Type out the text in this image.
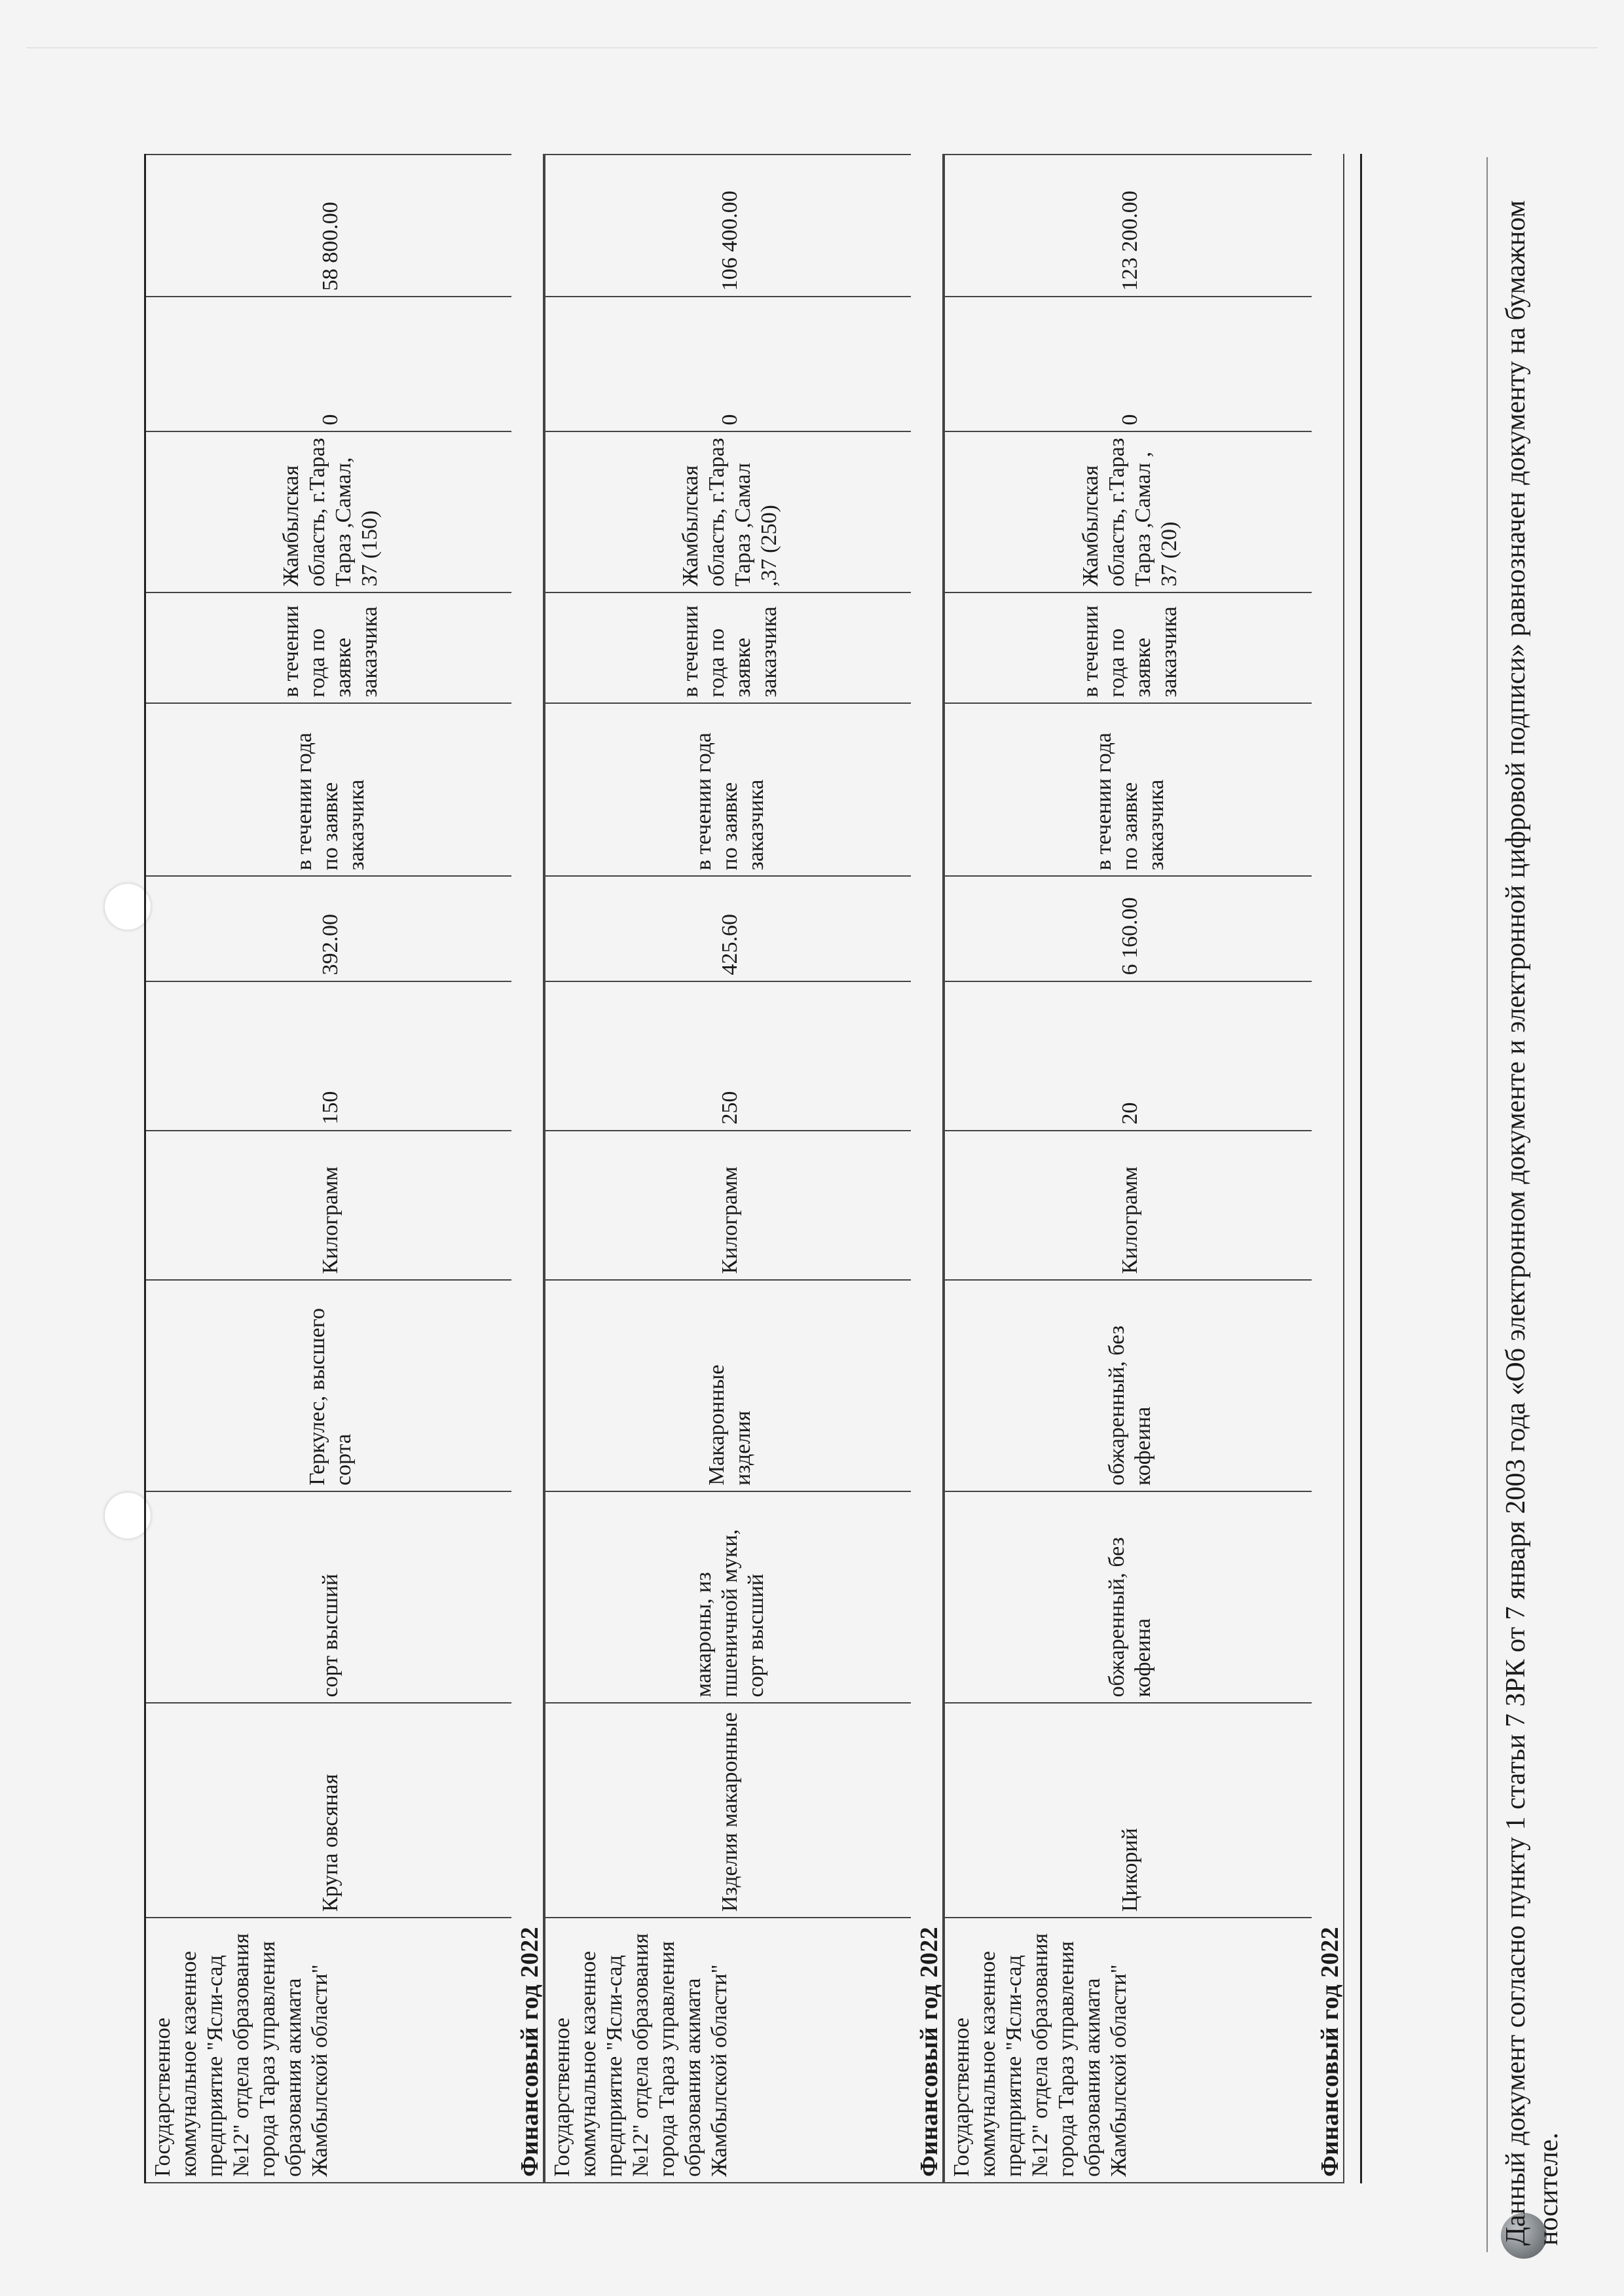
Государственное коммунальное казенное предприятие "Ясли-сад №12" отдела образования города Тараз управления образования акимата Жамбылской области"
Крупа овсяная
сорт высший
Геркулес, высшего сорта
Килограмм
150
392.00
в течении года по заявке заказчика
в течении года по заявке заказчика
Жамбылская область, г.Тараз Тараз ,Самал, 37 (150)
0
58 800.00
Финансовый год 2022 Государственное коммунальное казенное предприятие "Ясли-сад №12" отдела образования города Тараз управления образования акимата Жамбылской области"
Изделия макаронные
макароны, из пшеничной муки, сорт высший
Макаронные изделия
Килограмм
250
425.60
в течении года по заявке заказчика
в течении года по заявке заказчика
Жамбылская область, г.Тараз Тараз ,Самал ,37 (250)
0
106 400.00
Финансовый год 2022 Государственное коммунальное казенное предприятие "Ясли-сад №12" отдела образования города Тараз управления образования акимата Жамбылской области"
Цикорий
обжаренный, без кофеина
обжаренный, без кофеина
Килограмм
20
6 160.00
в течении года по заявке заказчика
в течении года по заявке заказчика
Жамбылская область, г.Тараз Тараз ,Самал , 37 (20)
0
123 200.00
Финансовый год 2022	Данный документ согласно пункту 1 статьи 7 ЗРК от 7 января 2003 года «Об электронном документе и электронной цифровой подписи» равнозначен документу на бумажном носителе.
